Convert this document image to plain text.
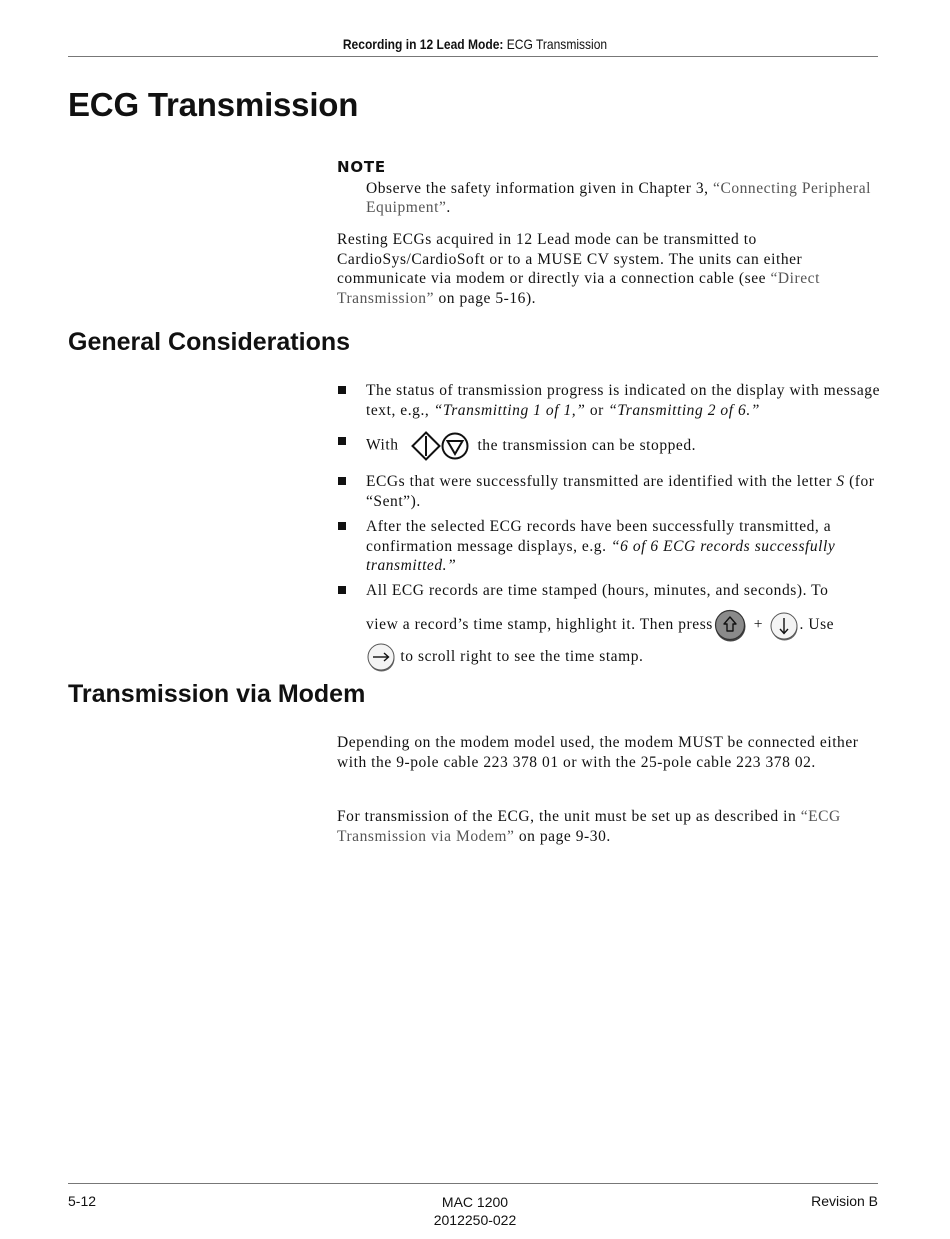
Recording in 12 Lead Mode: ECG Transmission
ECG Transmission
NOTE

Observe the safety information given in Chapter 3, “Connecting Peripheral Equipment”.

Resting ECGs acquired in 12 Lead mode can be transmitted to CardioSys/CardioSoft or to a MUSE CV system. The units can either communicate via modem or directly via a connection cable (see “Direct Transmission” on page 5-16).

General Considerations
The status of transmission progress is indicated on the display with message text, e.g., “Transmitting 1 of 1,” or “Transmitting 2 of 6.”
With	the transmission can be stopped.
ECGs that were successfully transmitted are identified with the letter S (for “Sent”).
After the selected ECG records have been successfully transmitted, a confirmation message displays, e.g. “6 of 6 ECG records successfully transmitted.”
All ECG records are time stamped (hours, minutes, and seconds). To
view a record’s time stamp, highlight it. Then press	+ . Use
to scroll right to see the time stamp.
Transmission via Modem

Depending on the modem model used, the modem MUST be connected either with the 9-pole cable 223 378 01 or with the 25-pole cable 223 378 02.

For transmission of the ECG, the unit must be set up as described in “ECG Transmission via Modem” on page 9-30.

5-12	MAC 1200
2012250-022
Revision B
